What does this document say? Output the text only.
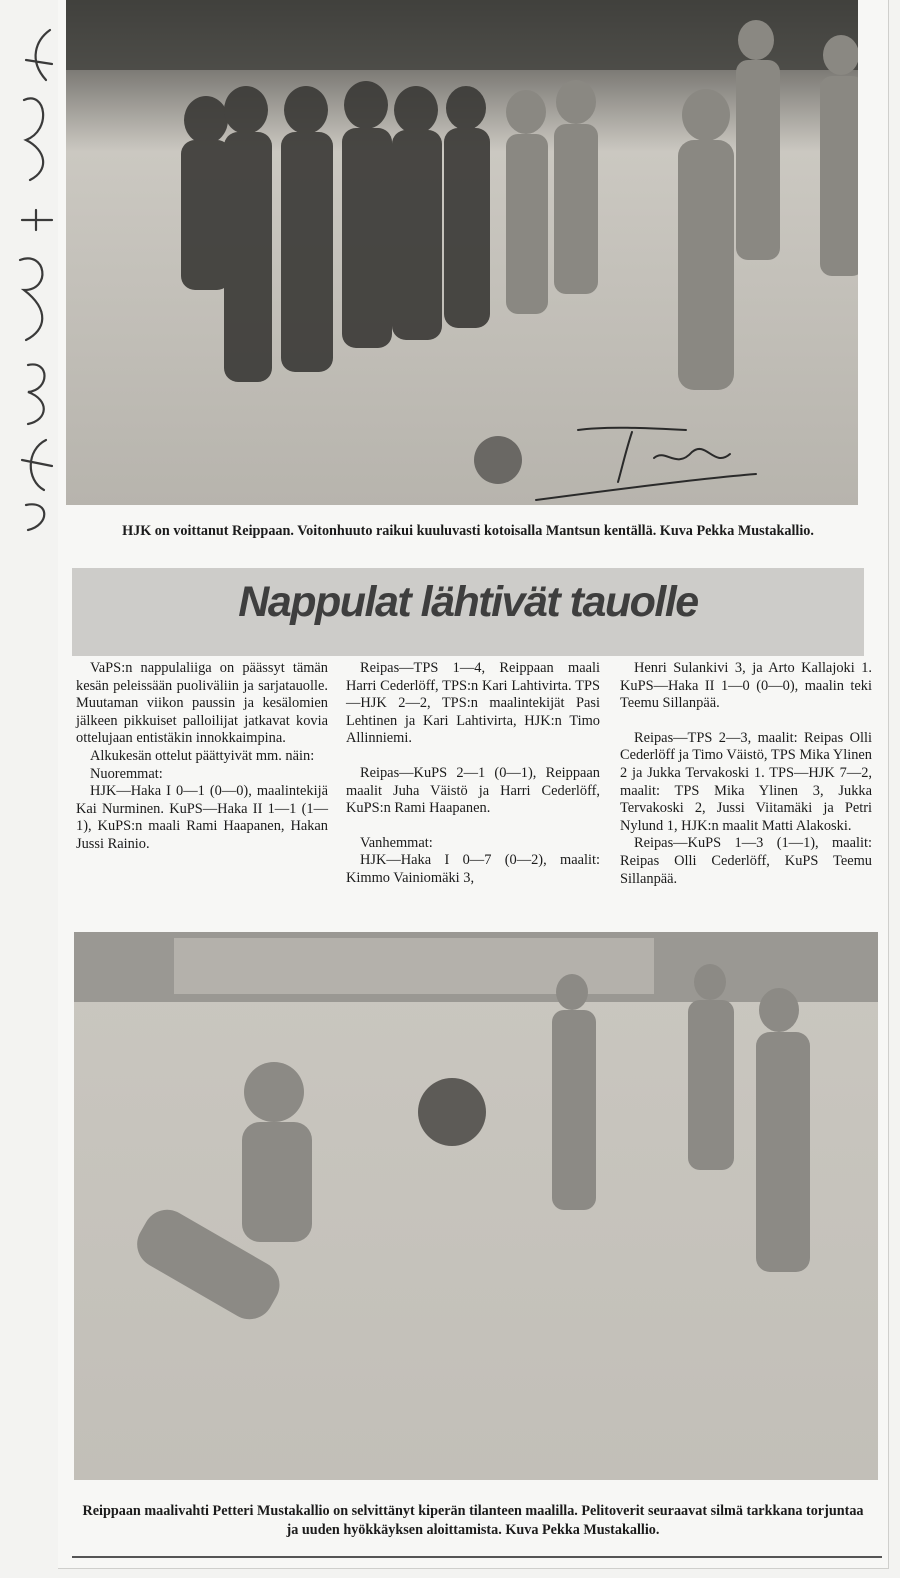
HJK on voittanut Reippaan. Voitonhuuto raikui kuuluvasti kotoisalla Mantsun kentällä. Kuva Pekka Mustakallio.
Nappulat lähtivät tauolle

VaPS:n nappulaliiga on päässyt tämän kesän peleissään puoliväliin ja sarjatauolle. Muutaman viikon paussin ja kesälomien jälkeen pikkuiset palloilijat jatkavat kovia ottelujaan entistäkin innokkaimpina.

Alkukesän ottelut päättyivät mm. näin:

Nuoremmat:

HJK—Haka I 0—1 (0—0), maalintekijä Kai Nurminen. KuPS—Haka II 1—1 (1—1), KuPS:n maali Rami Haapanen, Hakan Jussi Rainio.

Reipas—TPS 1—4, Reippaan maali Harri Cederlöff, TPS:n Kari Lahtivirta. TPS—HJK 2—2, TPS:n maalintekijät Pasi Lehtinen ja Kari Lahtivirta, HJK:n Timo Allinniemi.

Reipas—KuPS 2—1 (0—1), Reippaan maalit Juha Väistö ja Harri Cederlöff, KuPS:n Rami Haapanen.

Vanhemmat:

HJK—Haka I 0—7 (0—2), maalit: Kimmo Vainiomäki 3,

Henri Sulankivi 3, ja Arto Kallajoki 1. KuPS—Haka II 1—0 (0—0), maalin teki Teemu Sillanpää.

Reipas—TPS 2—3, maalit: Reipas Olli Cederlöff ja Timo Väistö, TPS Mika Ylinen 2 ja Jukka Tervakoski 1. TPS—HJK 7—2, maalit: TPS Mika Ylinen 3, Jukka Tervakoski 2, Jussi Viitamäki ja Petri Nylund 1, HJK:n maalit Matti Alakoski.

Reipas—KuPS 1—3 (1—1), maalit: Reipas Olli Cederlöff, KuPS Teemu Sillanpää.

Reippaan maalivahti Petteri Mustakallio on selvittänyt kiperän tilanteen maalilla. Pelitoverit seuraavat silmä tarkkana torjuntaa ja uuden hyökkäyksen aloittamista. Kuva Pekka Mustakallio.
